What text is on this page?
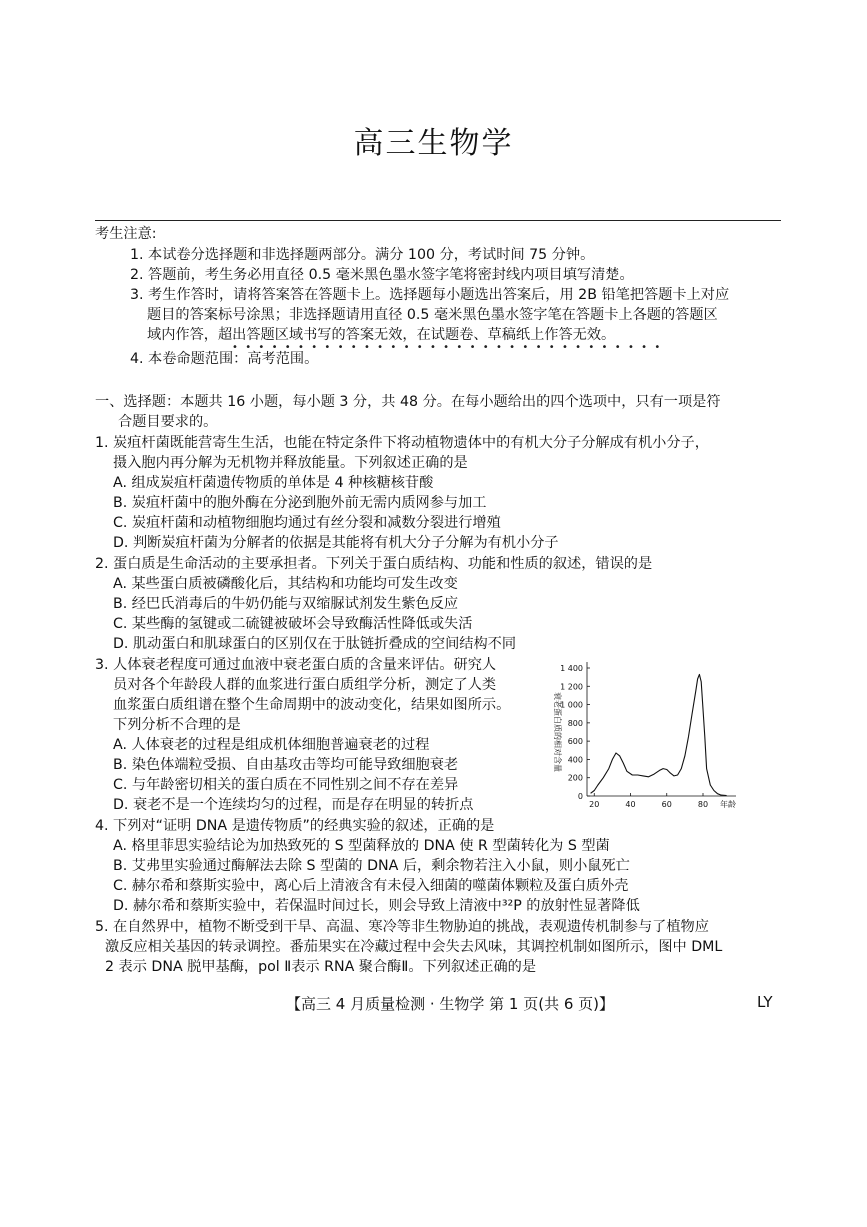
高三生物学
考生注意:
1. 本试卷分选择题和非选择题两部分。满分 100 分，考试时间 75 分钟。
2. 答题前，考生务必用直径 0.5 毫米黑色墨水签字笔将密封线内项目填写清楚。
3. 考生作答时，请将答案答在答题卡上。选择题每小题选出答案后，用 2B 铅笔把答题卡上对应
题目的答案标号涂黑；非选择题请用直径 0.5 毫米黑色墨水签字笔在答题卡上各题的答题区
域内作答，超出答题区域书写的答案无效，在试题卷、草稿纸上作答无效。
•••••••••••••••••••••••••••••••••
4. 本卷命题范围：高考范围。
一、选择题：本题共 16 小题，每小题 3 分，共 48 分。在每小题给出的四个选项中，只有一项是符
合题目要求的。
1. 炭疽杆菌既能营寄生生活，也能在特定条件下将动植物遗体中的有机大分子分解成有机小分子，
摄入胞内再分解为无机物并释放能量。下列叙述正确的是
A. 组成炭疽杆菌遗传物质的单体是 4 种核糖核苷酸
B. 炭疽杆菌中的胞外酶在分泌到胞外前无需内质网参与加工
C. 炭疽杆菌和动植物细胞均通过有丝分裂和减数分裂进行增殖
D. 判断炭疽杆菌为分解者的依据是其能将有机大分子分解为有机小分子
2. 蛋白质是生命活动的主要承担者。下列关于蛋白质结构、功能和性质的叙述，错误的是
A. 某些蛋白质被磷酸化后，其结构和功能均可发生改变
B. 经巴氏消毒后的牛奶仍能与双缩脲试剂发生紫色反应
C. 某些酶的氢键或二硫键被破坏会导致酶活性降低或失活
D. 肌动蛋白和肌球蛋白的区别仅在于肽链折叠成的空间结构不同
3. 人体衰老程度可通过血液中衰老蛋白质的含量来评估。研究人
员对各个年龄段人群的血浆进行蛋白质组学分析，测定了人类
血浆蛋白质组谱在整个生命周期中的波动变化，结果如图所示。
下列分析不合理的是
A. 人体衰老的过程是组成机体细胞普遍衰老的过程
B. 染色体端粒受损、自由基攻击等均可能导致细胞衰老
C. 与年龄密切相关的蛋白质在不同性别之间不存在差异
D. 衰老不是一个连续均匀的过程，而是存在明显的转折点
0
200
400
600
800
1 000
1 200
1 400
20	40	60	80 年龄
衰老蛋白质的相对含量
4. 下列对“证明 DNA 是遗传物质”的经典实验的叙述，正确的是
A. 格里菲思实验结论为加热致死的 S 型菌释放的 DNA 使 R 型菌转化为 S 型菌
B. 艾弗里实验通过酶解法去除 S 型菌的 DNA 后，剩余物若注入小鼠，则小鼠死亡
C. 赫尔希和蔡斯实验中，离心后上清液含有未侵入细菌的噬菌体颗粒及蛋白质外壳
D. 赫尔希和蔡斯实验中，若保温时间过长，则会导致上清液中³²P 的放射性显著降低
5. 在自然界中，植物不断受到干旱、高温、寒冷等非生物胁迫的挑战，表观遗传机制参与了植物应
激反应相关基因的转录调控。番茄果实在冷藏过程中会失去风味，其调控机制如图所示，图中 DML
2 表示 DNA 脱甲基酶，pol Ⅱ表示 RNA 聚合酶Ⅱ。下列叙述正确的是
【高三 4 月质量检测 · 生物学 第 1 页(共 6 页)】	LY
